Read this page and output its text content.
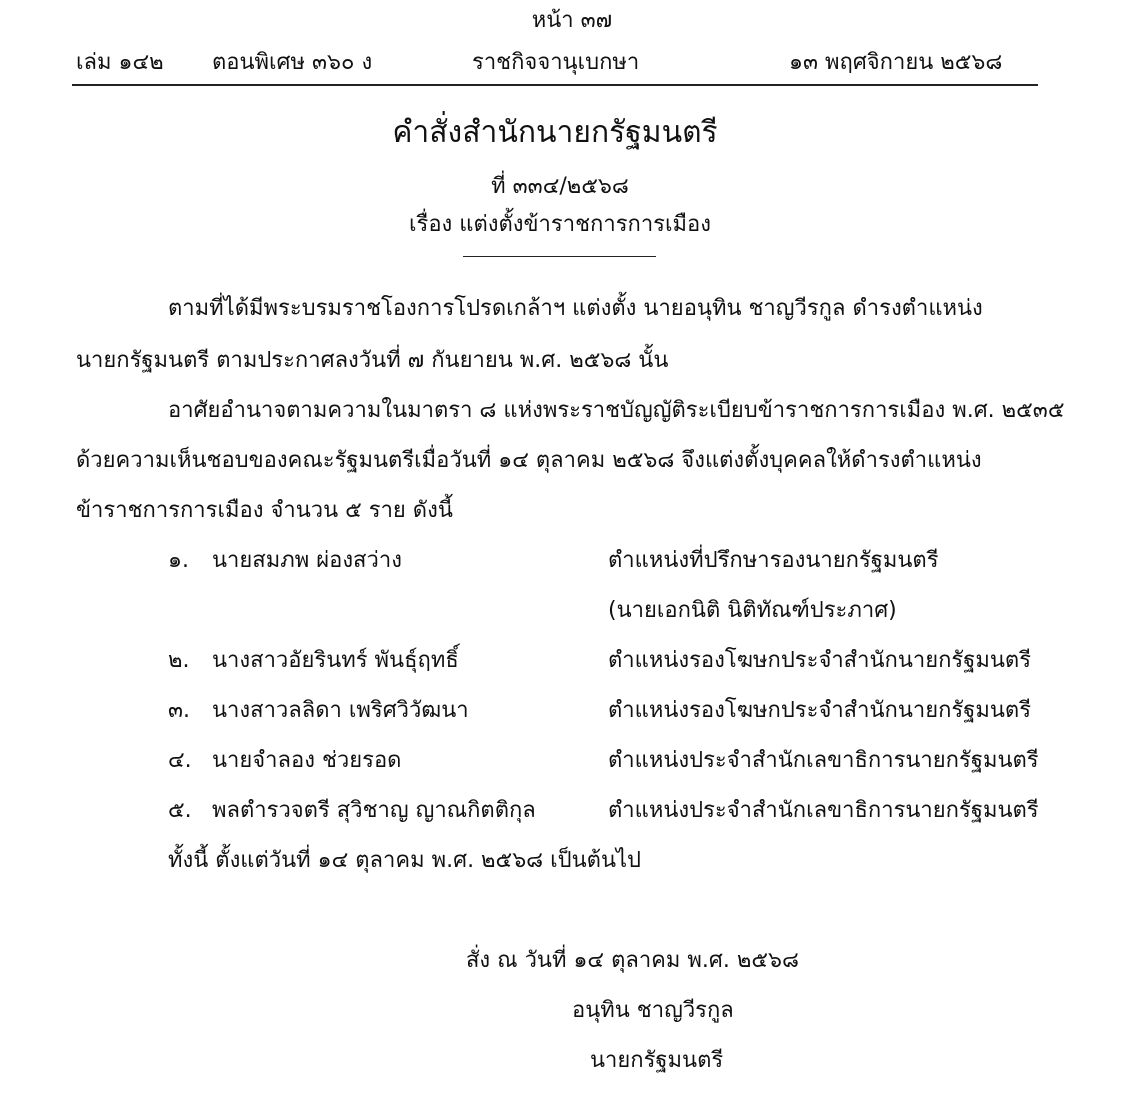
หน้า ๓๗
เล่ม ๑๔๒ ตอนพิเศษ ๓๖๐ ง	ราชกิจจานุเบกษา	๑๓ พฤศจิกายน ๒๕๖๘
คำสั่งสำนักนายกรัฐมนตรี
ที่ ๓๓๔/๒๕๖๘
เรื่อง แต่งตั้งข้าราชการการเมือง
ตามที่ได้มีพระบรมราชโองการโปรดเกล้าฯ แต่งตั้ง นายอนุทิน ชาญวีรกูล ดำรงตำแหน่ง
นายกรัฐมนตรี ตามประกาศลงวันที่ ๗ กันยายน พ.ศ. ๒๕๖๘ นั้น
อาศัยอำนาจตามความในมาตรา ๘ แห่งพระราชบัญญัติระเบียบข้าราชการการเมือง พ.ศ. ๒๕๓๕
ด้วยความเห็นชอบของคณะรัฐมนตรีเมื่อวันที่ ๑๔ ตุลาคม ๒๕๖๘ จึงแต่งตั้งบุคคลให้ดำรงตำแหน่ง
ข้าราชการการเมือง จำนวน ๕ ราย ดังนี้
๑. นายสมภพ ผ่องสว่าง	ตำแหน่งที่ปรึกษารองนายกรัฐมนตรี
(นายเอกนิติ นิติทัณฑ์ประภาศ)
๒. นางสาวอัยรินทร์ พันธุ์ฤทธิ์	ตำแหน่งรองโฆษกประจำสำนักนายกรัฐมนตรี
๓. นางสาวลลิดา เพริศวิวัฒนา	ตำแหน่งรองโฆษกประจำสำนักนายกรัฐมนตรี
๔. นายจำลอง ช่วยรอด	ตำแหน่งประจำสำนักเลขาธิการนายกรัฐมนตรี
๕. พลตำรวจตรี สุวิชาญ ญาณกิตติกุล	ตำแหน่งประจำสำนักเลขาธิการนายกรัฐมนตรี
ทั้งนี้ ตั้งแต่วันที่ ๑๔ ตุลาคม พ.ศ. ๒๕๖๘ เป็นต้นไป
สั่ง ณ วันที่ ๑๔ ตุลาคม พ.ศ. ๒๕๖๘
อนุทิน ชาญวีรกูล
นายกรัฐมนตรี
